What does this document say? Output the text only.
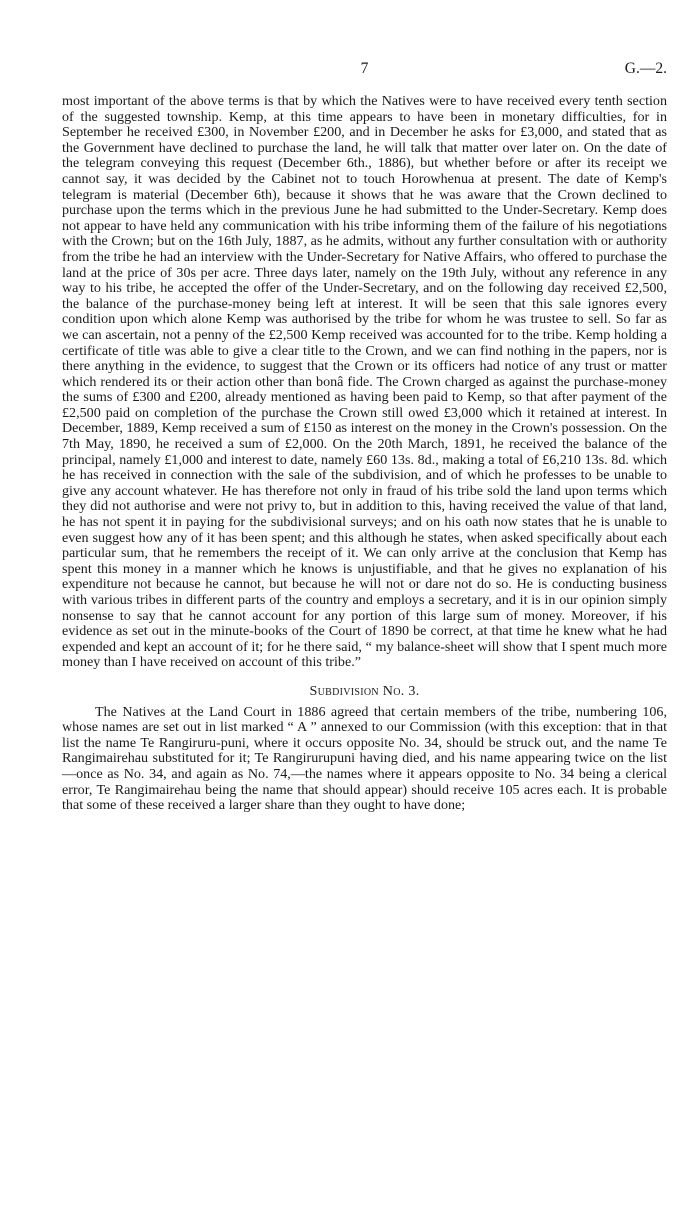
7	G.—2.

most important of the above terms is that by which the Natives were to have received every tenth section of the suggested township. Kemp, at this time appears to have been in monetary difficulties, for in September he received £300, in November £200, and in December he asks for £3,000, and stated that as the Government have declined to purchase the land, he will talk that matter over later on. On the date of the telegram conveying this request (December 6th., 1886), but whether before or after its receipt we cannot say, it was decided by the Cabinet not to touch Horowhenua at present. The date of Kemp's telegram is material (December 6th), because it shows that he was aware that the Crown declined to purchase upon the terms which in the previous June he had submitted to the Under-Secretary. Kemp does not appear to have held any communication with his tribe informing them of the failure of his negotiations with the Crown; but on the 16th July, 1887, as he admits, without any further consultation with or authority from the tribe he had an interview with the Under-Secretary for Native Affairs, who offered to purchase the land at the price of 30s per acre. Three days later, namely on the 19th July, without any reference in any way to his tribe, he accepted the offer of the Under-Secretary, and on the following day received £2,500, the balance of the purchase-money being left at interest. It will be seen that this sale ignores every condition upon which alone Kemp was authorised by the tribe for whom he was trustee to sell. So far as we can ascertain, not a penny of the £2,500 Kemp received was accounted for to the tribe. Kemp holding a certificate of title was able to give a clear title to the Crown, and we can find nothing in the papers, nor is there anything in the evidence, to suggest that the Crown or its officers had notice of any trust or matter which rendered its or their action other than bonâ fide. The Crown charged as against the purchase-money the sums of £300 and £200, already mentioned as having been paid to Kemp, so that after payment of the £2,500 paid on completion of the purchase the Crown still owed £3,000 which it retained at interest. In December, 1889, Kemp received a sum of £150 as interest on the money in the Crown's possession. On the 7th May, 1890, he received a sum of £2,000. On the 20th March, 1891, he received the balance of the principal, namely £1,000 and interest to date, namely £60 13s. 8d., making a total of £6,210 13s. 8d. which he has received in connection with the sale of the subdivision, and of which he professes to be unable to give any account whatever. He has therefore not only in fraud of his tribe sold the land upon terms which they did not authorise and were not privy to, but in addition to this, having received the value of that land, he has not spent it in paying for the subdivisional surveys; and on his oath now states that he is unable to even suggest how any of it has been spent; and this although he states, when asked specifically about each particular sum, that he remembers the receipt of it. We can only arrive at the conclusion that Kemp has spent this money in a manner which he knows is unjustifiable, and that he gives no explanation of his expenditure not because he cannot, but because he will not or dare not do so. He is conducting business with various tribes in different parts of the country and employs a secretary, and it is in our opinion simply nonsense to say that he cannot account for any portion of this large sum of money. Moreover, if his evidence as set out in the minute-books of the Court of 1890 be correct, at that time he knew what he had expended and kept an account of it; for he there said, “ my balance-sheet will show that I spent much more money than I have received on account of this tribe.”

Subdivision No. 3.

The Natives at the Land Court in 1886 agreed that certain members of the tribe, numbering 106, whose names are set out in list marked “ A ” annexed to our Commission (with this exception: that in that list the name Te Rangiruru-puni, where it occurs opposite No. 34, should be struck out, and the name Te Rangimairehau substituted for it; Te Rangirurupuni having died, and his name appearing twice on the list—once as No. 34, and again as No. 74,—the names where it appears opposite to No. 34 being a clerical error, Te Rangimairehau being the name that should appear) should receive 105 acres each. It is probable that some of these received a larger share than they ought to have done;
